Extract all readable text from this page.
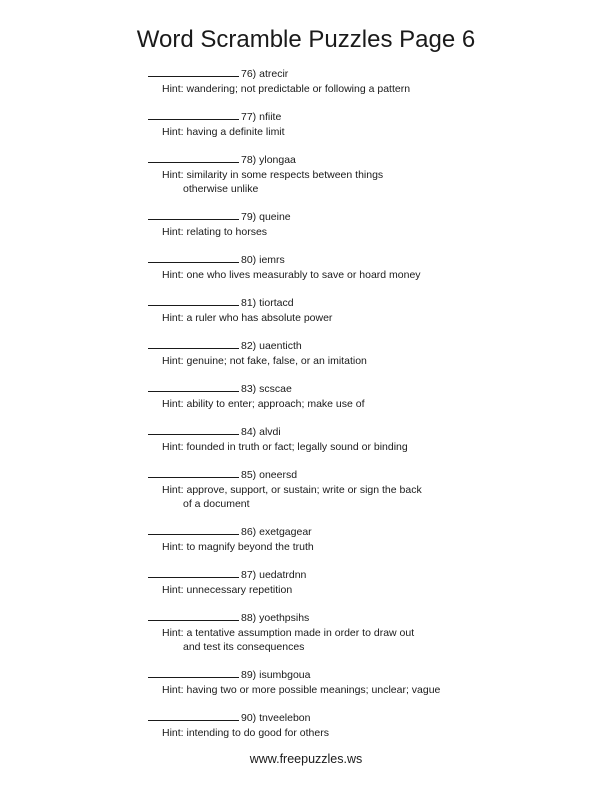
Word Scramble Puzzles Page 6
76) atrecir
Hint: wandering; not predictable or following a pattern
77) nfiite
Hint: having a definite limit
78) ylongaa
Hint: similarity in some respects between things
otherwise unlike
79) queine
Hint: relating to horses
80) iemrs
Hint: one who lives measurably to save or hoard money
81) tiortacd
Hint: a ruler who has absolute power
82) uaenticth
Hint: genuine; not fake, false, or an imitation
83) scscae
Hint: ability to enter; approach; make use of
84) alvdi
Hint: founded in truth or fact; legally sound or binding
85) oneersd
Hint: approve, support, or sustain; write or sign the back
of a document
86) exetgagear
Hint: to magnify beyond the truth
87) uedatrdnn
Hint: unnecessary repetition
88) yoethpsihs
Hint: a tentative assumption made in order to draw out
and test its consequences
89) isumbgoua
Hint: having two or more possible meanings; unclear; vague
90) tnveelebon
Hint: intending to do good for others
www.freepuzzles.ws
